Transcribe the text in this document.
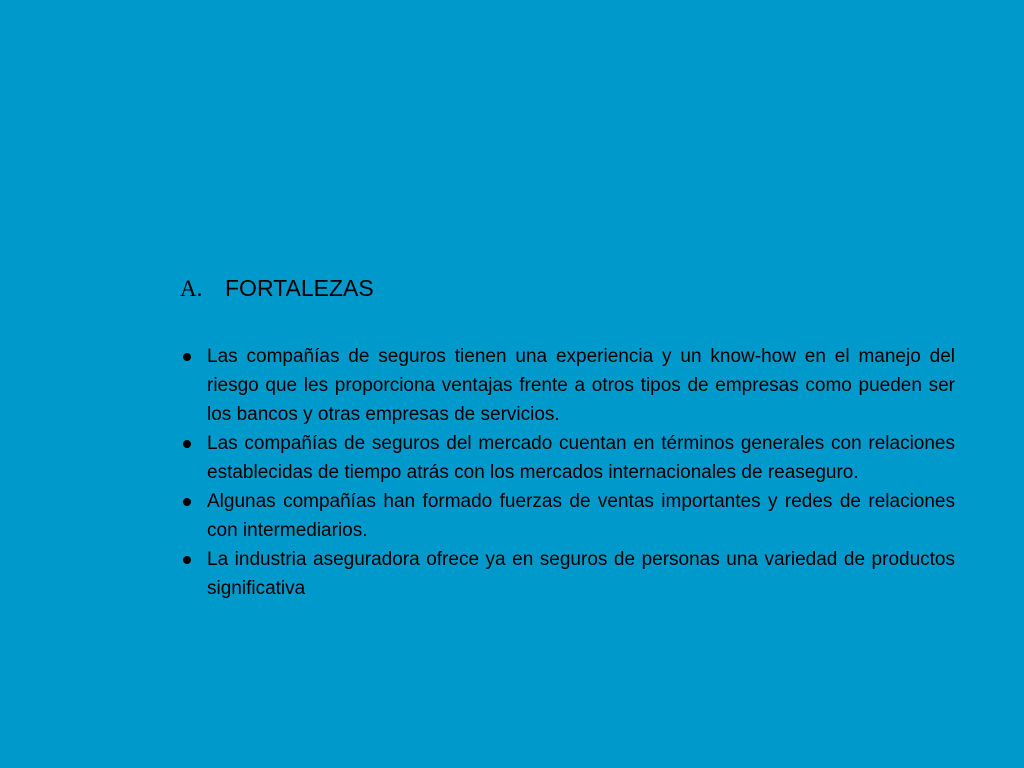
A. FORTALEZAS
Las compañías de seguros tienen una experiencia y un know-how en el manejo del riesgo que les proporciona ventajas frente a otros tipos de empresas como pueden ser los bancos y otras empresas de servicios.
Las compañías de seguros del mercado cuentan en términos generales con relaciones establecidas de tiempo atrás con los mercados internacionales de reaseguro.
Algunas compañías han formado fuerzas de ventas importantes y redes de relaciones con intermediarios.
La industria aseguradora ofrece ya en seguros de personas una variedad de productos significativa
